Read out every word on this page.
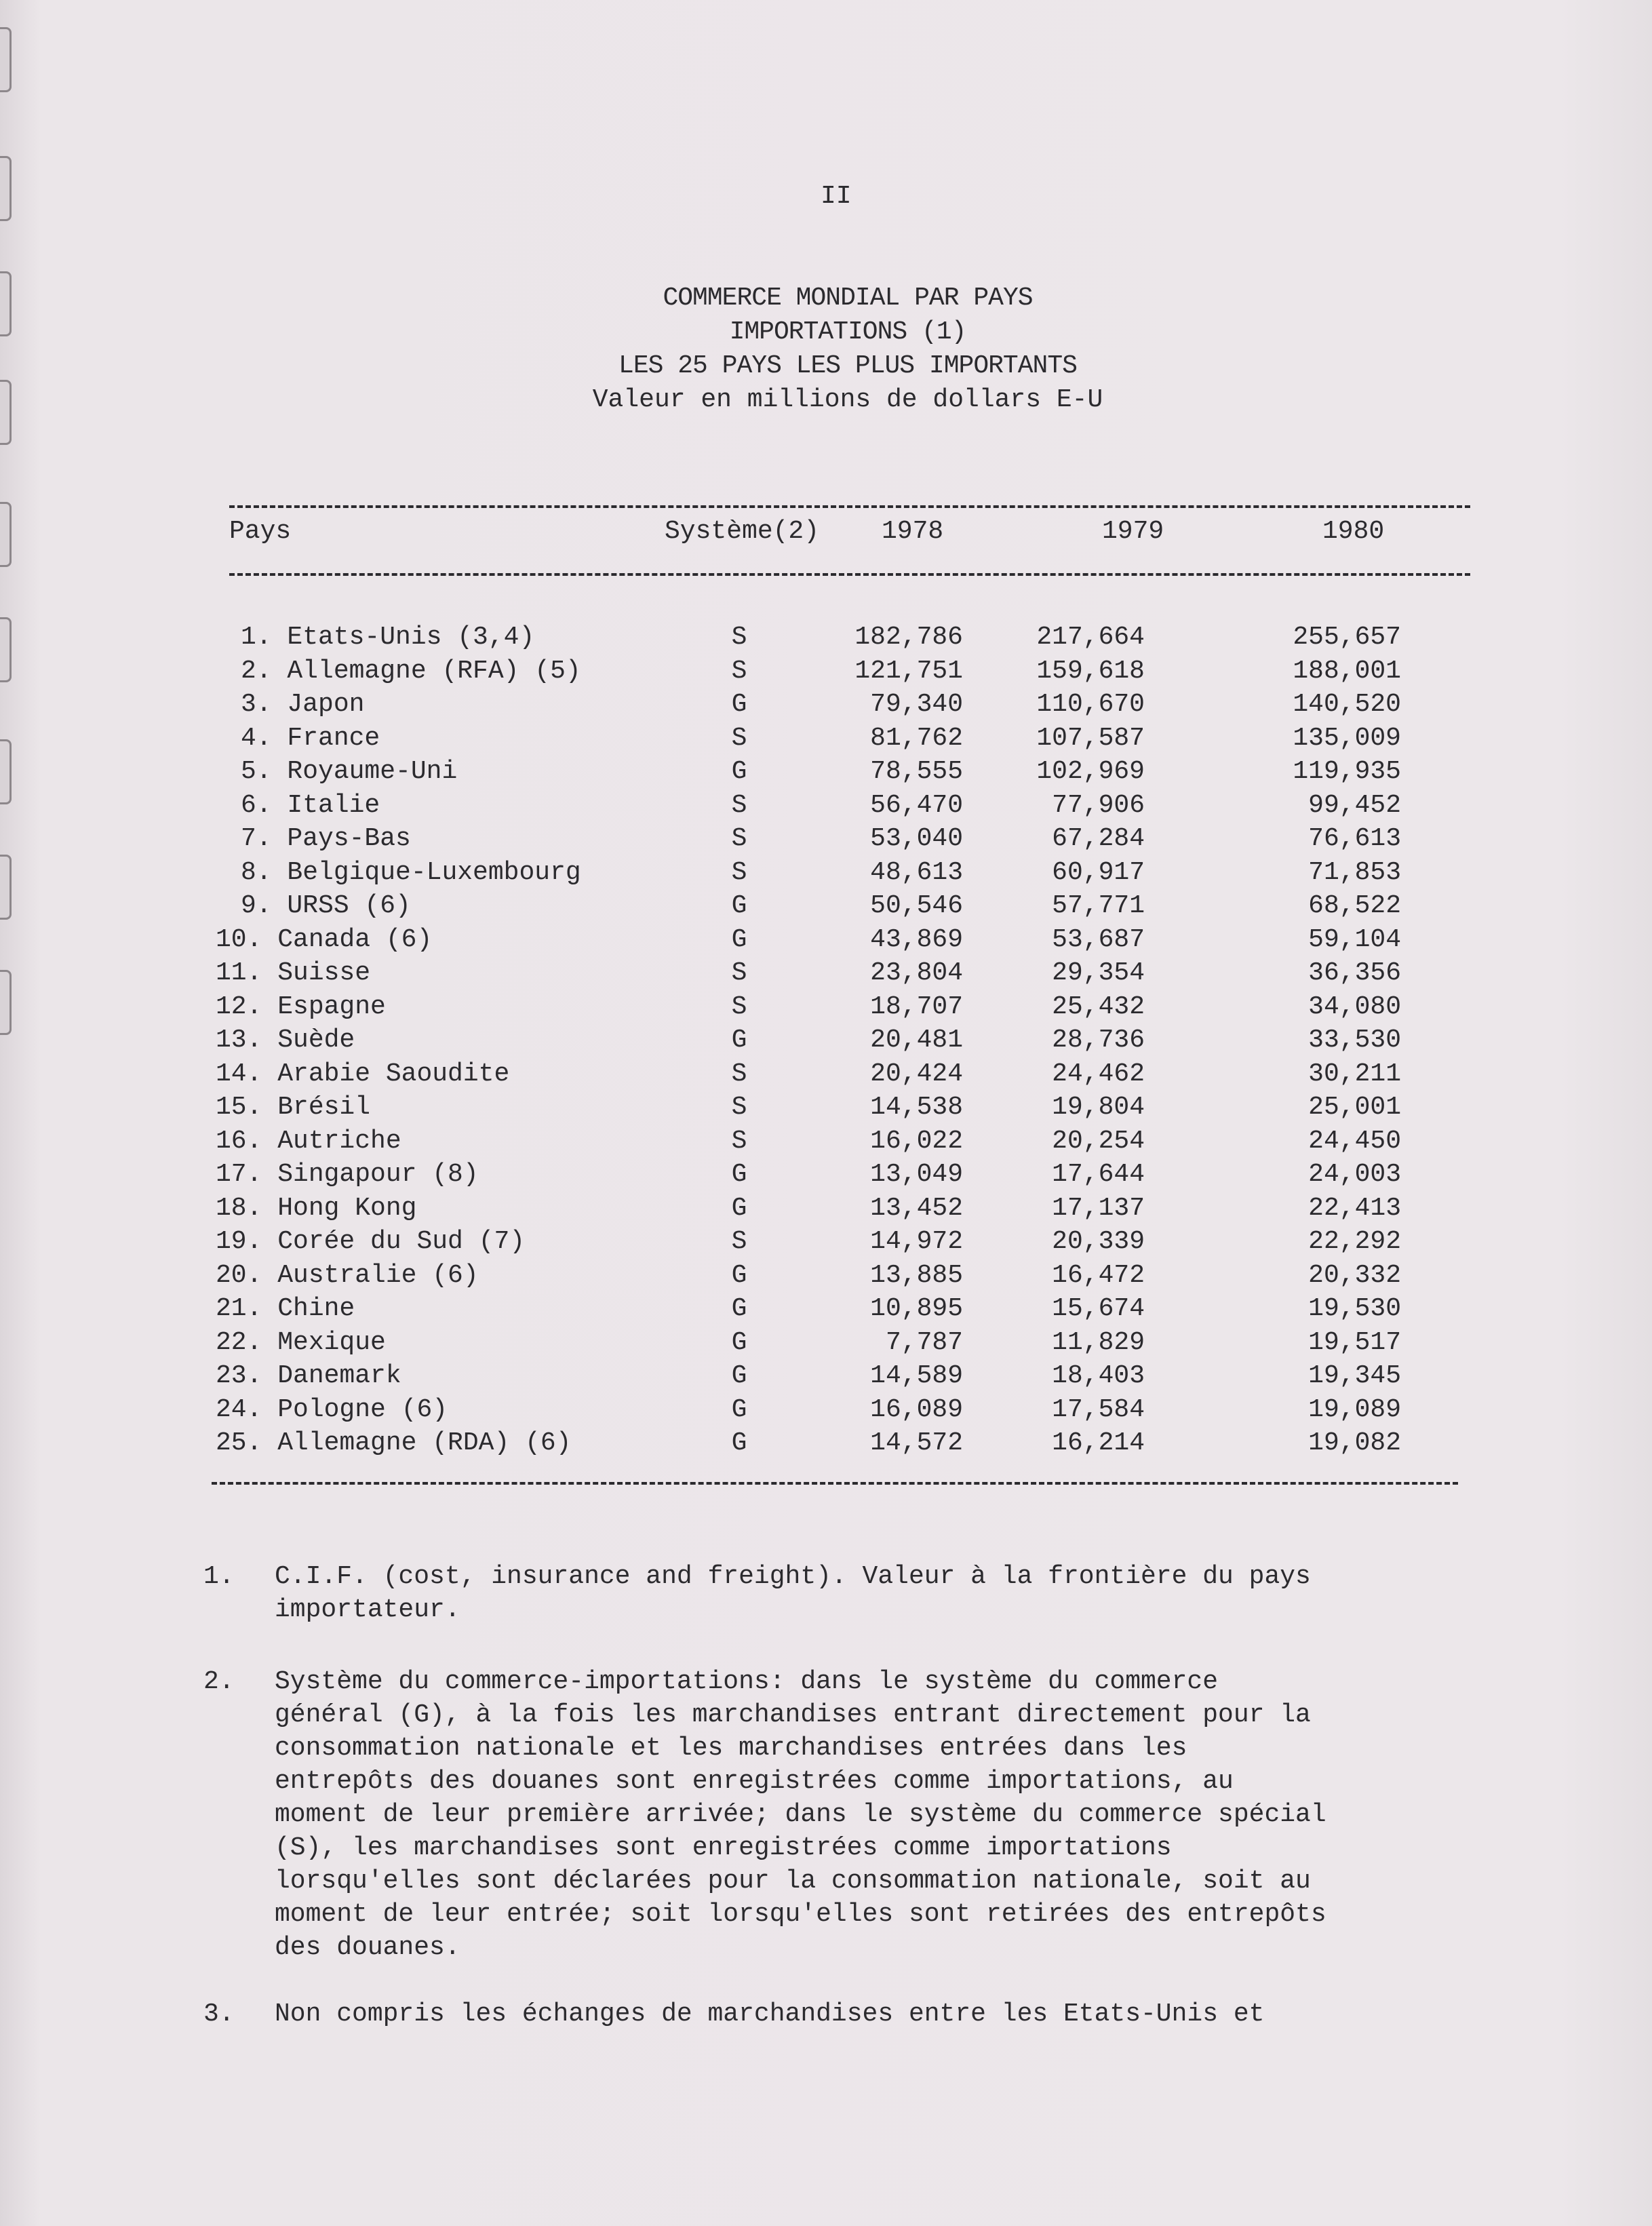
II
COMMERCE MONDIAL PAR PAYS
IMPORTATIONS (1)
LES 25 PAYS LES PLUS IMPORTANTS
Valeur en millions de dollars E-U
Pays	Système(2) 1978	1979	1980
1. Etats-Unis (3,4)	S	182,786	217,664	255,657
2. Allemagne (RFA) (5)	S	121,751	159,618	188,001
3. Japon	G	79,340	110,670	140,520
4. France	S	81,762	107,587	135,009
5. Royaume-Uni	G	78,555	102,969	119,935
6. Italie	S	56,470	77,906	99,452
7. Pays-Bas	S	53,040	67,284	76,613
8. Belgique-Luxembourg	S	48,613	60,917	71,853
9. URSS (6)	G	50,546	57,771	68,522
10. Canada (6)	G	43,869	53,687	59,104
11. Suisse	S	23,804	29,354	36,356
12. Espagne	S	18,707	25,432	34,080
13. Suède	G	20,481	28,736	33,530
14. Arabie Saoudite	S	20,424	24,462	30,211
15. Brésil	S	14,538	19,804	25,001
16. Autriche	S	16,022	20,254	24,450
17. Singapour (8)	G	13,049	17,644	24,003
18. Hong Kong	G	13,452	17,137	22,413
19. Corée du Sud (7)	S	14,972	20,339	22,292
20. Australie (6)	G	13,885	16,472	20,332
21. Chine	G	10,895	15,674	19,530
22. Mexique	G	7,787	11,829	19,517
23. Danemark	G	14,589	18,403	19,345
24. Pologne (6)	G	16,089	17,584	19,089
25. Allemagne (RDA) (6)	G	14,572	16,214	19,082
1. C.I.F. (cost, insurance and freight). Valeur à la frontière du pays
importateur.
2. Système du commerce-importations: dans le système du commerce
général (G), à la fois les marchandises entrant directement pour la
consommation nationale et les marchandises entrées dans les
entrepôts des douanes sont enregistrées comme importations, au
moment de leur première arrivée; dans le système du commerce spécial
(S), les marchandises sont enregistrées comme importations
lorsqu'elles sont déclarées pour la consommation nationale, soit au
moment de leur entrée; soit lorsqu'elles sont retirées des entrepôts
des douanes.
3. Non compris les échanges de marchandises entre les Etats-Unis et
